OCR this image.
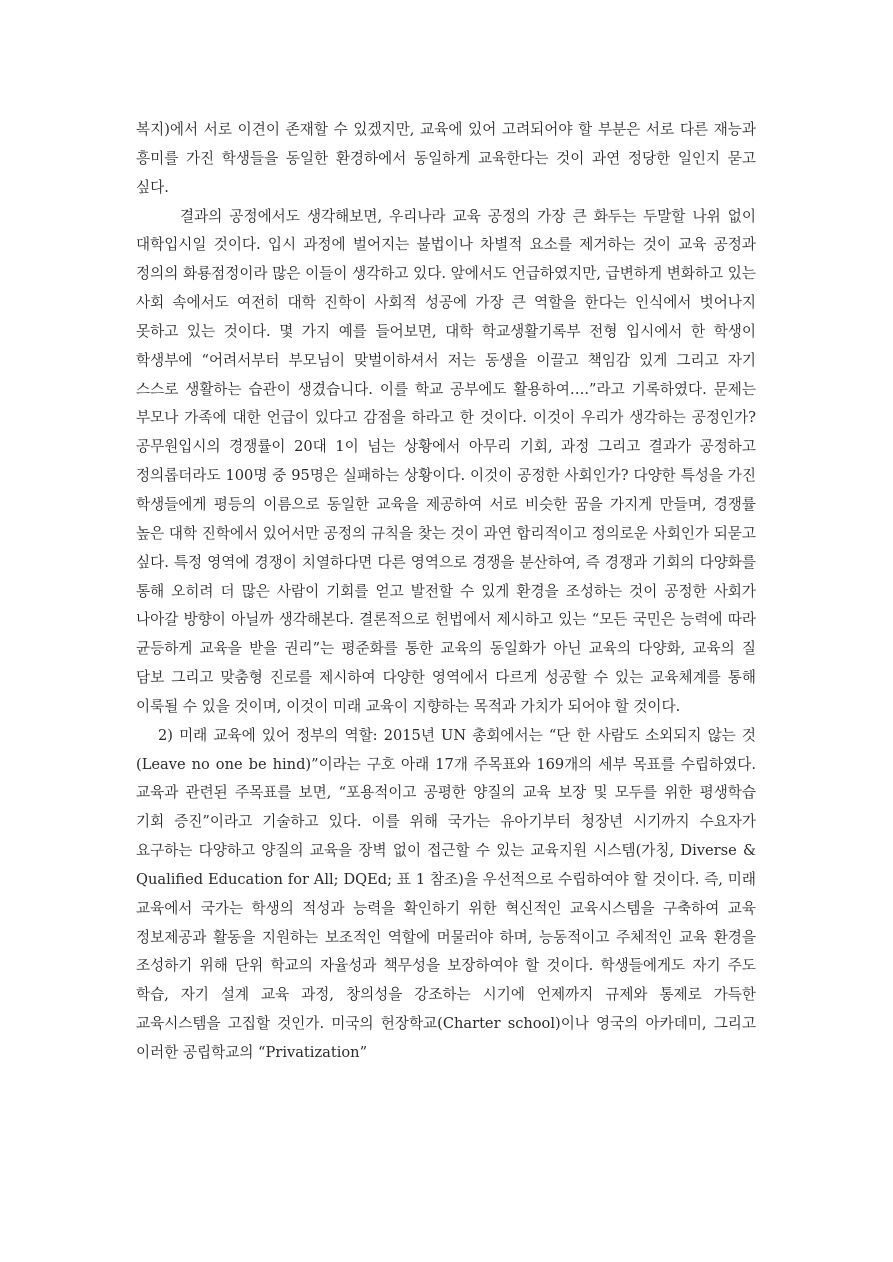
복지)에서 서로 이견이 존재할 수 있겠지만, 교육에 있어 고려되어야 할 부분은 서로 다른 재능과 흥미를 가진 학생들을 동일한 환경하에서 동일하게 교육한다는 것이 과연 정당한 일인지 묻고 싶다.

결과의 공정에서도 생각해보면, 우리나라 교육 공정의 가장 큰 화두는 두말할 나위 없이 대학입시일 것이다. 입시 과정에 벌어지는 불법이나 차별적 요소를 제거하는 것이 교육 공정과 정의의 화룡점정이라 많은 이들이 생각하고 있다. 앞에서도 언급하였지만, 급변하게 변화하고 있는 사회 속에서도 여전히 대학 진학이 사회적 성공에 가장 큰 역할을 한다는 인식에서 벗어나지 못하고 있는 것이다. 몇 가지 예를 들어보면, 대학 학교생활기록부 전형 입시에서 한 학생이 학생부에 “어려서부터 부모님이 맞벌이하셔서 저는 동생을 이끌고 책임감 있게 그리고 자기 스스로 생활하는 습관이 생겼습니다. 이를 학교 공부에도 활용하여….”라고 기록하였다. 문제는 부모나 가족에 대한 언급이 있다고 감점을 하라고 한 것이다. 이것이 우리가 생각하는 공정인가? 공무원입시의 경쟁률이 20대 1이 넘는 상황에서 아무리 기회, 과정 그리고 결과가 공정하고 정의롭더라도 100명 중 95명은 실패하는 상황이다. 이것이 공정한 사회인가? 다양한 특성을 가진 학생들에게 평등의 이름으로 동일한 교육을 제공하여 서로 비슷한 꿈을 가지게 만들며, 경쟁률 높은 대학 진학에서 있어서만 공정의 규칙을 찾는 것이 과연 합리적이고 정의로운 사회인가 되묻고 싶다. 특정 영역에 경쟁이 치열하다면 다른 영역으로 경쟁을 분산하여, 즉 경쟁과 기회의 다양화를 통해 오히려 더 많은 사람이 기회를 얻고 발전할 수 있게 환경을 조성하는 것이 공정한 사회가 나아갈 방향이 아닐까 생각해본다. 결론적으로 헌법에서 제시하고 있는 “모든 국민은 능력에 따라 균등하게 교육을 받을 권리”는 평준화를 통한 교육의 동일화가 아닌 교육의 다양화, 교육의 질 담보 그리고 맞춤형 진로를 제시하여 다양한 영역에서 다르게 성공할 수 있는 교육체계를 통해 이룩될 수 있을 것이며, 이것이 미래 교육이 지향하는 목적과 가치가 되어야 할 것이다.

2) 미래 교육에 있어 정부의 역할: 2015년 UN 총회에서는 “단 한 사람도 소외되지 않는 것(Leave no one be hind)”이라는 구호 아래 17개 주목표와 169개의 세부 목표를 수립하였다. 교육과 관련된 주목표를 보면, “포용적이고 공평한 양질의 교육 보장 및 모두를 위한 평생학습 기회 증진”이라고 기술하고 있다. 이를 위해 국가는 유아기부터 청장년 시기까지 수요자가 요구하는 다양하고 양질의 교육을 장벽 없이 접근할 수 있는 교육지원 시스템(가칭, Diverse & Qualified Education for All; DQEd; 표 1 참조)을 우선적으로 수립하여야 할 것이다. 즉, 미래 교육에서 국가는 학생의 적성과 능력을 확인하기 위한 혁신적인 교육시스템을 구축하여 교육 정보제공과 활동을 지원하는 보조적인 역할에 머물러야 하며, 능동적이고 주체적인 교육 환경을 조성하기 위해 단위 학교의 자율성과 책무성을 보장하여야 할 것이다. 학생들에게도 자기 주도 학습, 자기 설계 교육 과정, 창의성을 강조하는 시기에 언제까지 규제와 통제로 가득한 교육시스템을 고집할 것인가. 미국의 헌장학교(Charter school)이나 영국의 아카데미, 그리고 이러한 공립학교의 “Privatization”
